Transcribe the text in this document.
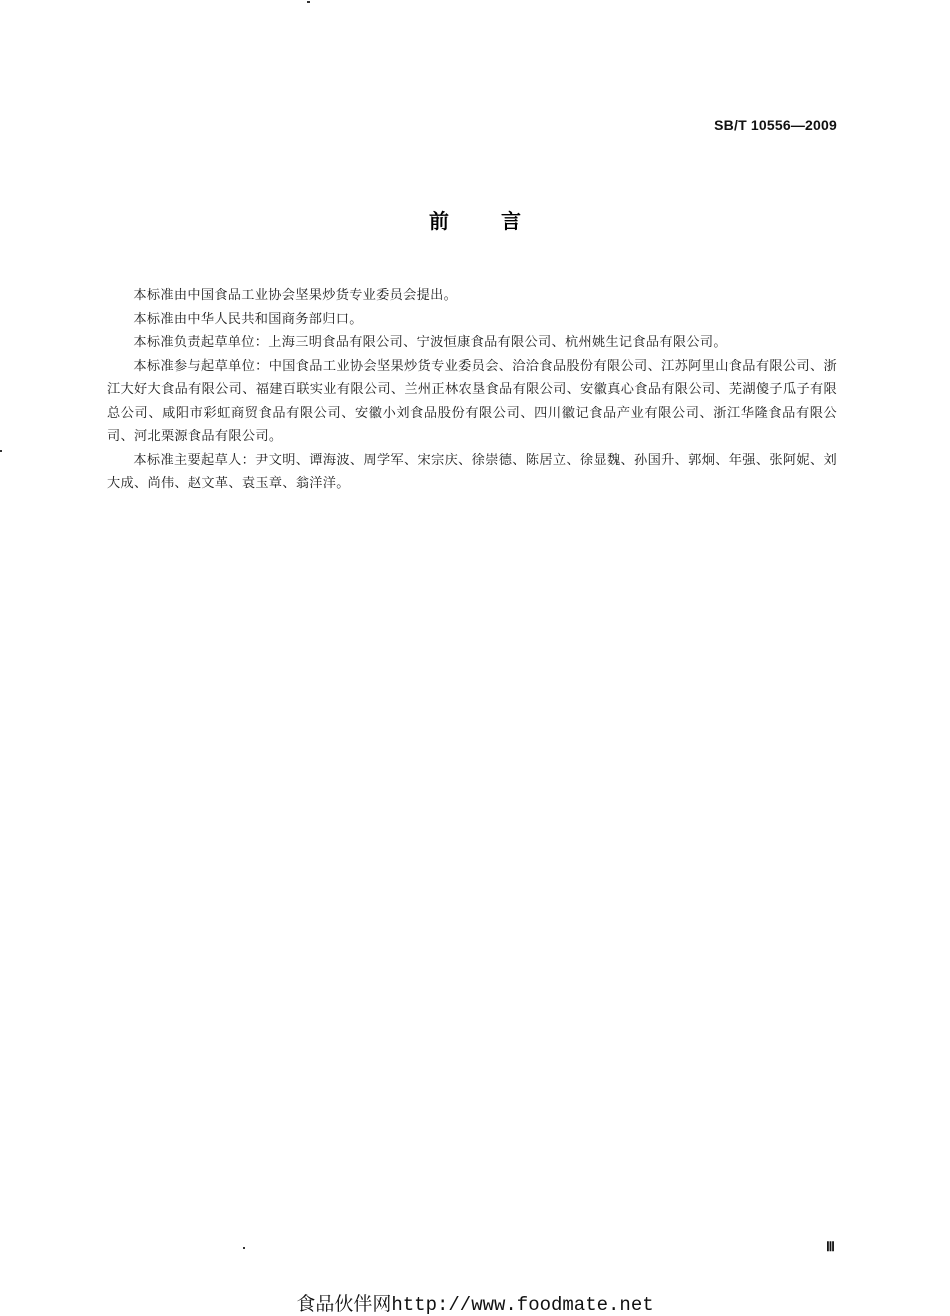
SB/T 10556—2009
前	言

本标准由中国食品工业协会坚果炒货专业委员会提出。

本标准由中华人民共和国商务部归口。

本标准负责起草单位：上海三明食品有限公司、宁波恒康食品有限公司、杭州姚生记食品有限公司。

本标准参与起草单位：中国食品工业协会坚果炒货专业委员会、洽洽食品股份有限公司、江苏阿里山食品有限公司、浙江大好大食品有限公司、福建百联实业有限公司、兰州正林农垦食品有限公司、安徽真心食品有限公司、芜湖傻子瓜子有限总公司、咸阳市彩虹商贸食品有限公司、安徽小刘食品股份有限公司、四川徽记食品产业有限公司、浙江华隆食品有限公司、河北栗源食品有限公司。

本标准主要起草人：尹文明、谭海波、周学军、宋宗庆、徐崇德、陈居立、徐显魏、孙国升、郭炯、年强、张阿妮、刘大成、尚伟、赵文革、袁玉章、翁洋洋。

Ⅲ
食品伙伴网http://www.foodmate.net
